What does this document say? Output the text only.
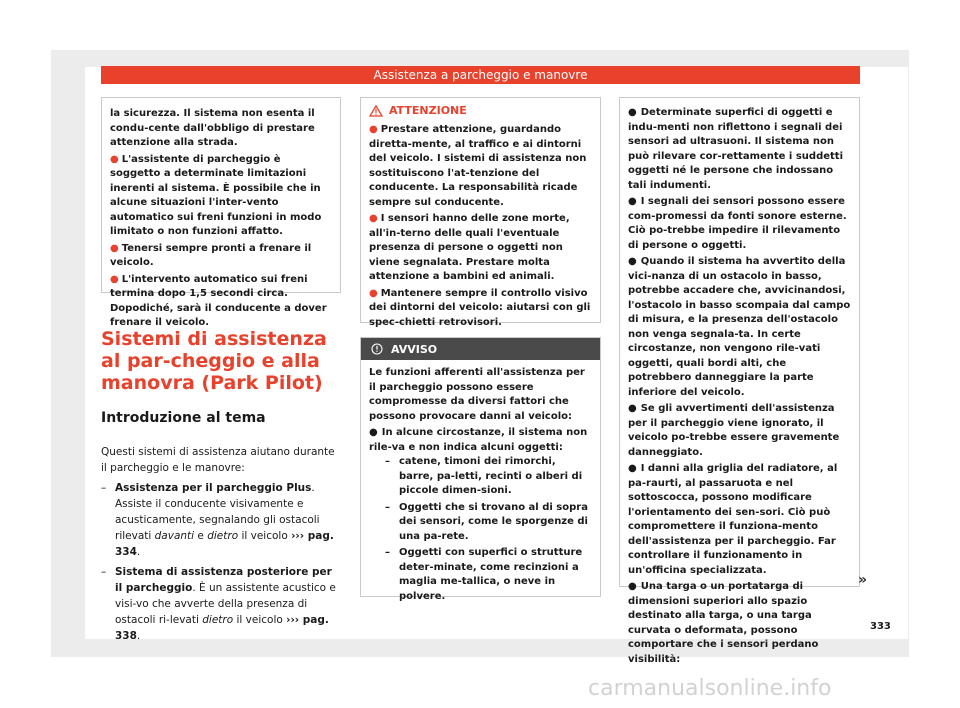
Assistenza a parcheggio e manovre

la sicurezza. Il sistema non esenta il condu-cente dall'obbligo di prestare attenzione alla strada.

● L'assistente di parcheggio è soggetto a determinate limitazioni inerenti al sistema. È possibile che in alcune situazioni l'inter-vento automatico sui freni funzioni in modo limitato o non funzioni affatto.

● Tenersi sempre pronti a frenare il veicolo.

● L'intervento automatico sui freni termina dopo 1,5 secondi circa. Dopodiché, sarà il conducente a dover frenare il veicolo.

Sistemi di assistenza al par-cheggio e alla manovra (Park Pilot)
Introduzione al tema

Questi sistemi di assistenza aiutano durante il parcheggio e le manovre:

– Assistenza per il parcheggio Plus. Assiste il conducente visivamente e acusticamente, segnalando gli ostacoli rilevati davanti e dietro il veicolo ››› pag. 334.
– Sistema di assistenza posteriore per il parcheggio. È un assistente acustico e visi-vo che avverte della presenza di ostacoli ri-levati dietro il veicolo ››› pag. 338.
ATTENZIONE

● Prestare attenzione, guardando diretta-mente, al traffico e ai dintorni del veicolo. I sistemi di assistenza non sostituiscono l'at-tenzione del conducente. La responsabilità ricade sempre sul conducente.

● I sensori hanno delle zone morte, all'in-terno delle quali l'eventuale presenza di persone o oggetti non viene segnalata. Prestare molta attenzione a bambini ed animali.

● Mantenere sempre il controllo visivo dei dintorni del veicolo: aiutarsi con gli spec-chietti retrovisori.

AVVISO

Le funzioni afferenti all'assistenza per il parcheggio possono essere compromesse da diversi fattori che possono provocare danni al veicolo:

● In alcune circostanze, il sistema non rile-va e non indica alcuni oggetti:

– catene, timoni dei rimorchi, barre, pa-letti, recinti o alberi di piccole dimen-sioni.
– Oggetti che si trovano al di sopra dei sensori, come le sporgenze di una pa-rete.
– Oggetti con superfici o strutture deter-minate, come recinzioni a maglia me-tallica, o neve in polvere.

● Determinate superfici di oggetti e indu-menti non riflettono i segnali dei sensori ad ultrasuoni. Il sistema non può rilevare cor-rettamente i suddetti oggetti né le persone che indossano tali indumenti.

● I segnali dei sensori possono essere com-promessi da fonti sonore esterne. Ciò po-trebbe impedire il rilevamento di persone o oggetti.

● Quando il sistema ha avvertito della vici-nanza di un ostacolo in basso, potrebbe accadere che, avvicinandosi, l'ostacolo in basso scompaia dal campo di misura, e la presenza dell'ostacolo non venga segnala-ta. In certe circostanze, non vengono rile-vati oggetti, quali bordi alti, che potrebbero danneggiare la parte inferiore del veicolo.

● Se gli avvertimenti dell'assistenza per il parcheggio viene ignorato, il veicolo po-trebbe essere gravemente danneggiato.

● I danni alla griglia del radiatore, al pa-raurti, al passaruota e nel sottoscocca, possono modificare l'orientamento dei sen-sori. Ciò può compromettere il funziona-mento dell'assistenza per il parcheggio. Far controllare il funzionamento in un'officina specializzata.

● Una targa o un portatarga di dimensioni superiori allo spazio destinato alla targa, o una targa curvata o deformata, possono comportare che i sensori perdano visibilità:

»
333
carmanualsonline.info
